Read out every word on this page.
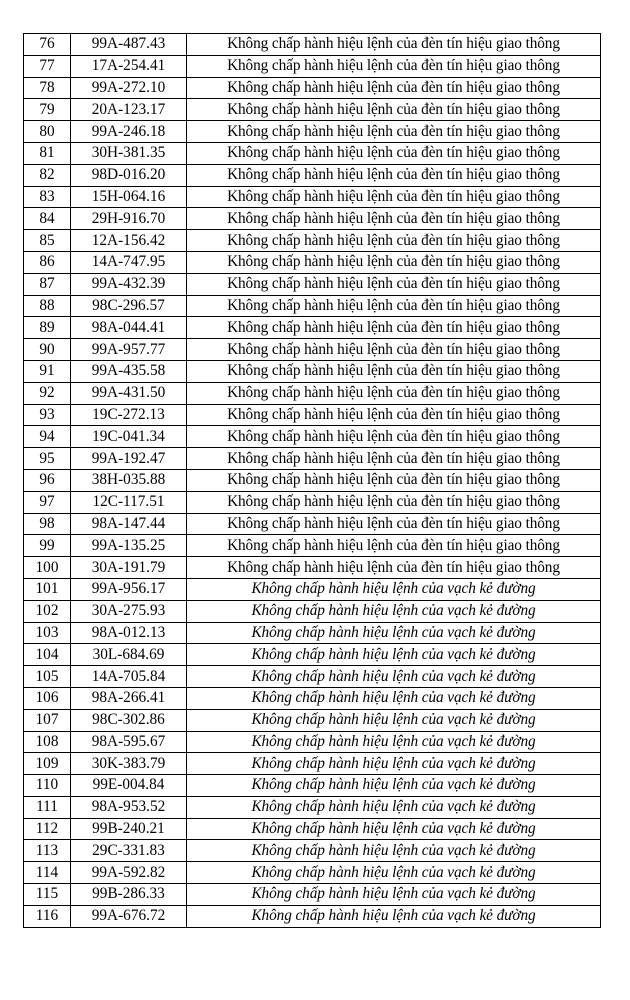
76	99A-487.43	Không chấp hành hiệu lệnh của đèn tín hiệu giao thông
77	17A-254.41	Không chấp hành hiệu lệnh của đèn tín hiệu giao thông
78	99A-272.10	Không chấp hành hiệu lệnh của đèn tín hiệu giao thông
79	20A-123.17	Không chấp hành hiệu lệnh của đèn tín hiệu giao thông
80	99A-246.18	Không chấp hành hiệu lệnh của đèn tín hiệu giao thông
81	30H-381.35	Không chấp hành hiệu lệnh của đèn tín hiệu giao thông
82	98D-016.20	Không chấp hành hiệu lệnh của đèn tín hiệu giao thông
83	15H-064.16	Không chấp hành hiệu lệnh của đèn tín hiệu giao thông
84	29H-916.70	Không chấp hành hiệu lệnh của đèn tín hiệu giao thông
85	12A-156.42	Không chấp hành hiệu lệnh của đèn tín hiệu giao thông
86	14A-747.95	Không chấp hành hiệu lệnh của đèn tín hiệu giao thông
87	99A-432.39	Không chấp hành hiệu lệnh của đèn tín hiệu giao thông
88	98C-296.57	Không chấp hành hiệu lệnh của đèn tín hiệu giao thông
89	98A-044.41	Không chấp hành hiệu lệnh của đèn tín hiệu giao thông
90	99A-957.77	Không chấp hành hiệu lệnh của đèn tín hiệu giao thông
91	99A-435.58	Không chấp hành hiệu lệnh của đèn tín hiệu giao thông
92	99A-431.50	Không chấp hành hiệu lệnh của đèn tín hiệu giao thông
93	19C-272.13	Không chấp hành hiệu lệnh của đèn tín hiệu giao thông
94	19C-041.34	Không chấp hành hiệu lệnh của đèn tín hiệu giao thông
95	99A-192.47	Không chấp hành hiệu lệnh của đèn tín hiệu giao thông
96	38H-035.88	Không chấp hành hiệu lệnh của đèn tín hiệu giao thông
97	12C-117.51	Không chấp hành hiệu lệnh của đèn tín hiệu giao thông
98	98A-147.44	Không chấp hành hiệu lệnh của đèn tín hiệu giao thông
99	99A-135.25	Không chấp hành hiệu lệnh của đèn tín hiệu giao thông
100	30A-191.79	Không chấp hành hiệu lệnh của đèn tín hiệu giao thông
101	99A-956.17	Không chấp hành hiệu lệnh của vạch kẻ đường
102	30A-275.93	Không chấp hành hiệu lệnh của vạch kẻ đường
103	98A-012.13	Không chấp hành hiệu lệnh của vạch kẻ đường
104	30L-684.69	Không chấp hành hiệu lệnh của vạch kẻ đường
105	14A-705.84	Không chấp hành hiệu lệnh của vạch kẻ đường
106	98A-266.41	Không chấp hành hiệu lệnh của vạch kẻ đường
107	98C-302.86	Không chấp hành hiệu lệnh của vạch kẻ đường
108	98A-595.67	Không chấp hành hiệu lệnh của vạch kẻ đường
109	30K-383.79	Không chấp hành hiệu lệnh của vạch kẻ đường
110	99E-004.84	Không chấp hành hiệu lệnh của vạch kẻ đường
111	98A-953.52	Không chấp hành hiệu lệnh của vạch kẻ đường
112	99B-240.21	Không chấp hành hiệu lệnh của vạch kẻ đường
113	29C-331.83	Không chấp hành hiệu lệnh của vạch kẻ đường
114	99A-592.82	Không chấp hành hiệu lệnh của vạch kẻ đường
115	99B-286.33	Không chấp hành hiệu lệnh của vạch kẻ đường
116	99A-676.72	Không chấp hành hiệu lệnh của vạch kẻ đường
